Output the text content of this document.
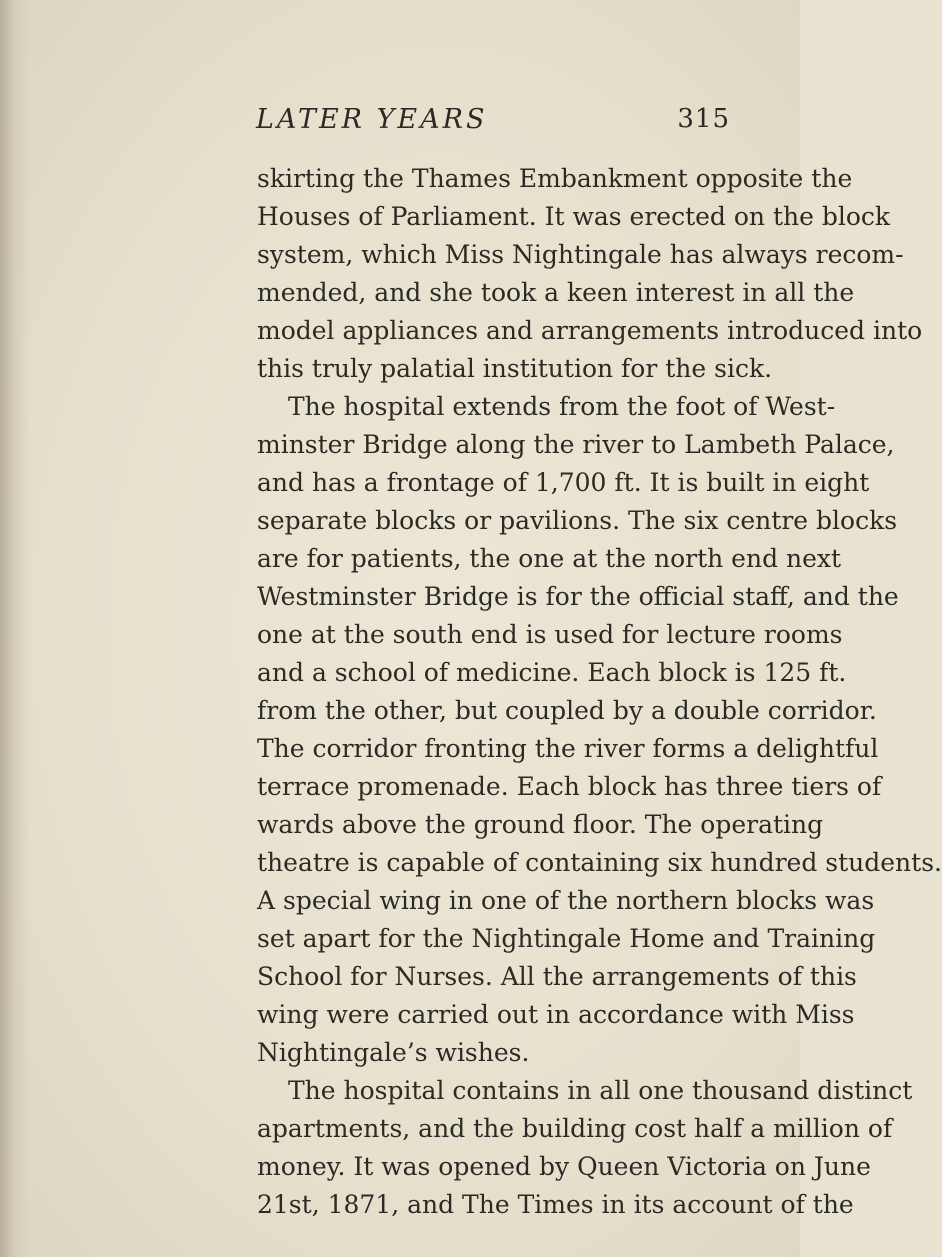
LATER YEARS	315
skirting the Thames Embankment opposite the
Houses of Parliament. It was erected on the block
system, which Miss Nightingale has always recom-
mended, and she took a keen interest in all the
model appliances and arrangements introduced into
this truly palatial institution for the sick.
The hospital extends from the foot of West-
minster Bridge along the river to Lambeth Palace,
and has a frontage of 1,700 ft. It is built in eight
separate blocks or pavilions. The six centre blocks
are for patients, the one at the north end next
Westminster Bridge is for the official staff, and the
one at the south end is used for lecture rooms
and a school of medicine. Each block is 125 ft.
from the other, but coupled by a double corridor.
The corridor fronting the river forms a delightful
terrace promenade. Each block has three tiers of
wards above the ground floor. The operating
theatre is capable of containing six hundred students.
A special wing in one of the northern blocks was
set apart for the Nightingale Home and Training
School for Nurses. All the arrangements of this
wing were carried out in accordance with Miss
Nightingale’s wishes.
The hospital contains in all one thousand distinct
apartments, and the building cost half a million of
money. It was opened by Queen Victoria on June
21st, 1871, and The Times in its account of the
